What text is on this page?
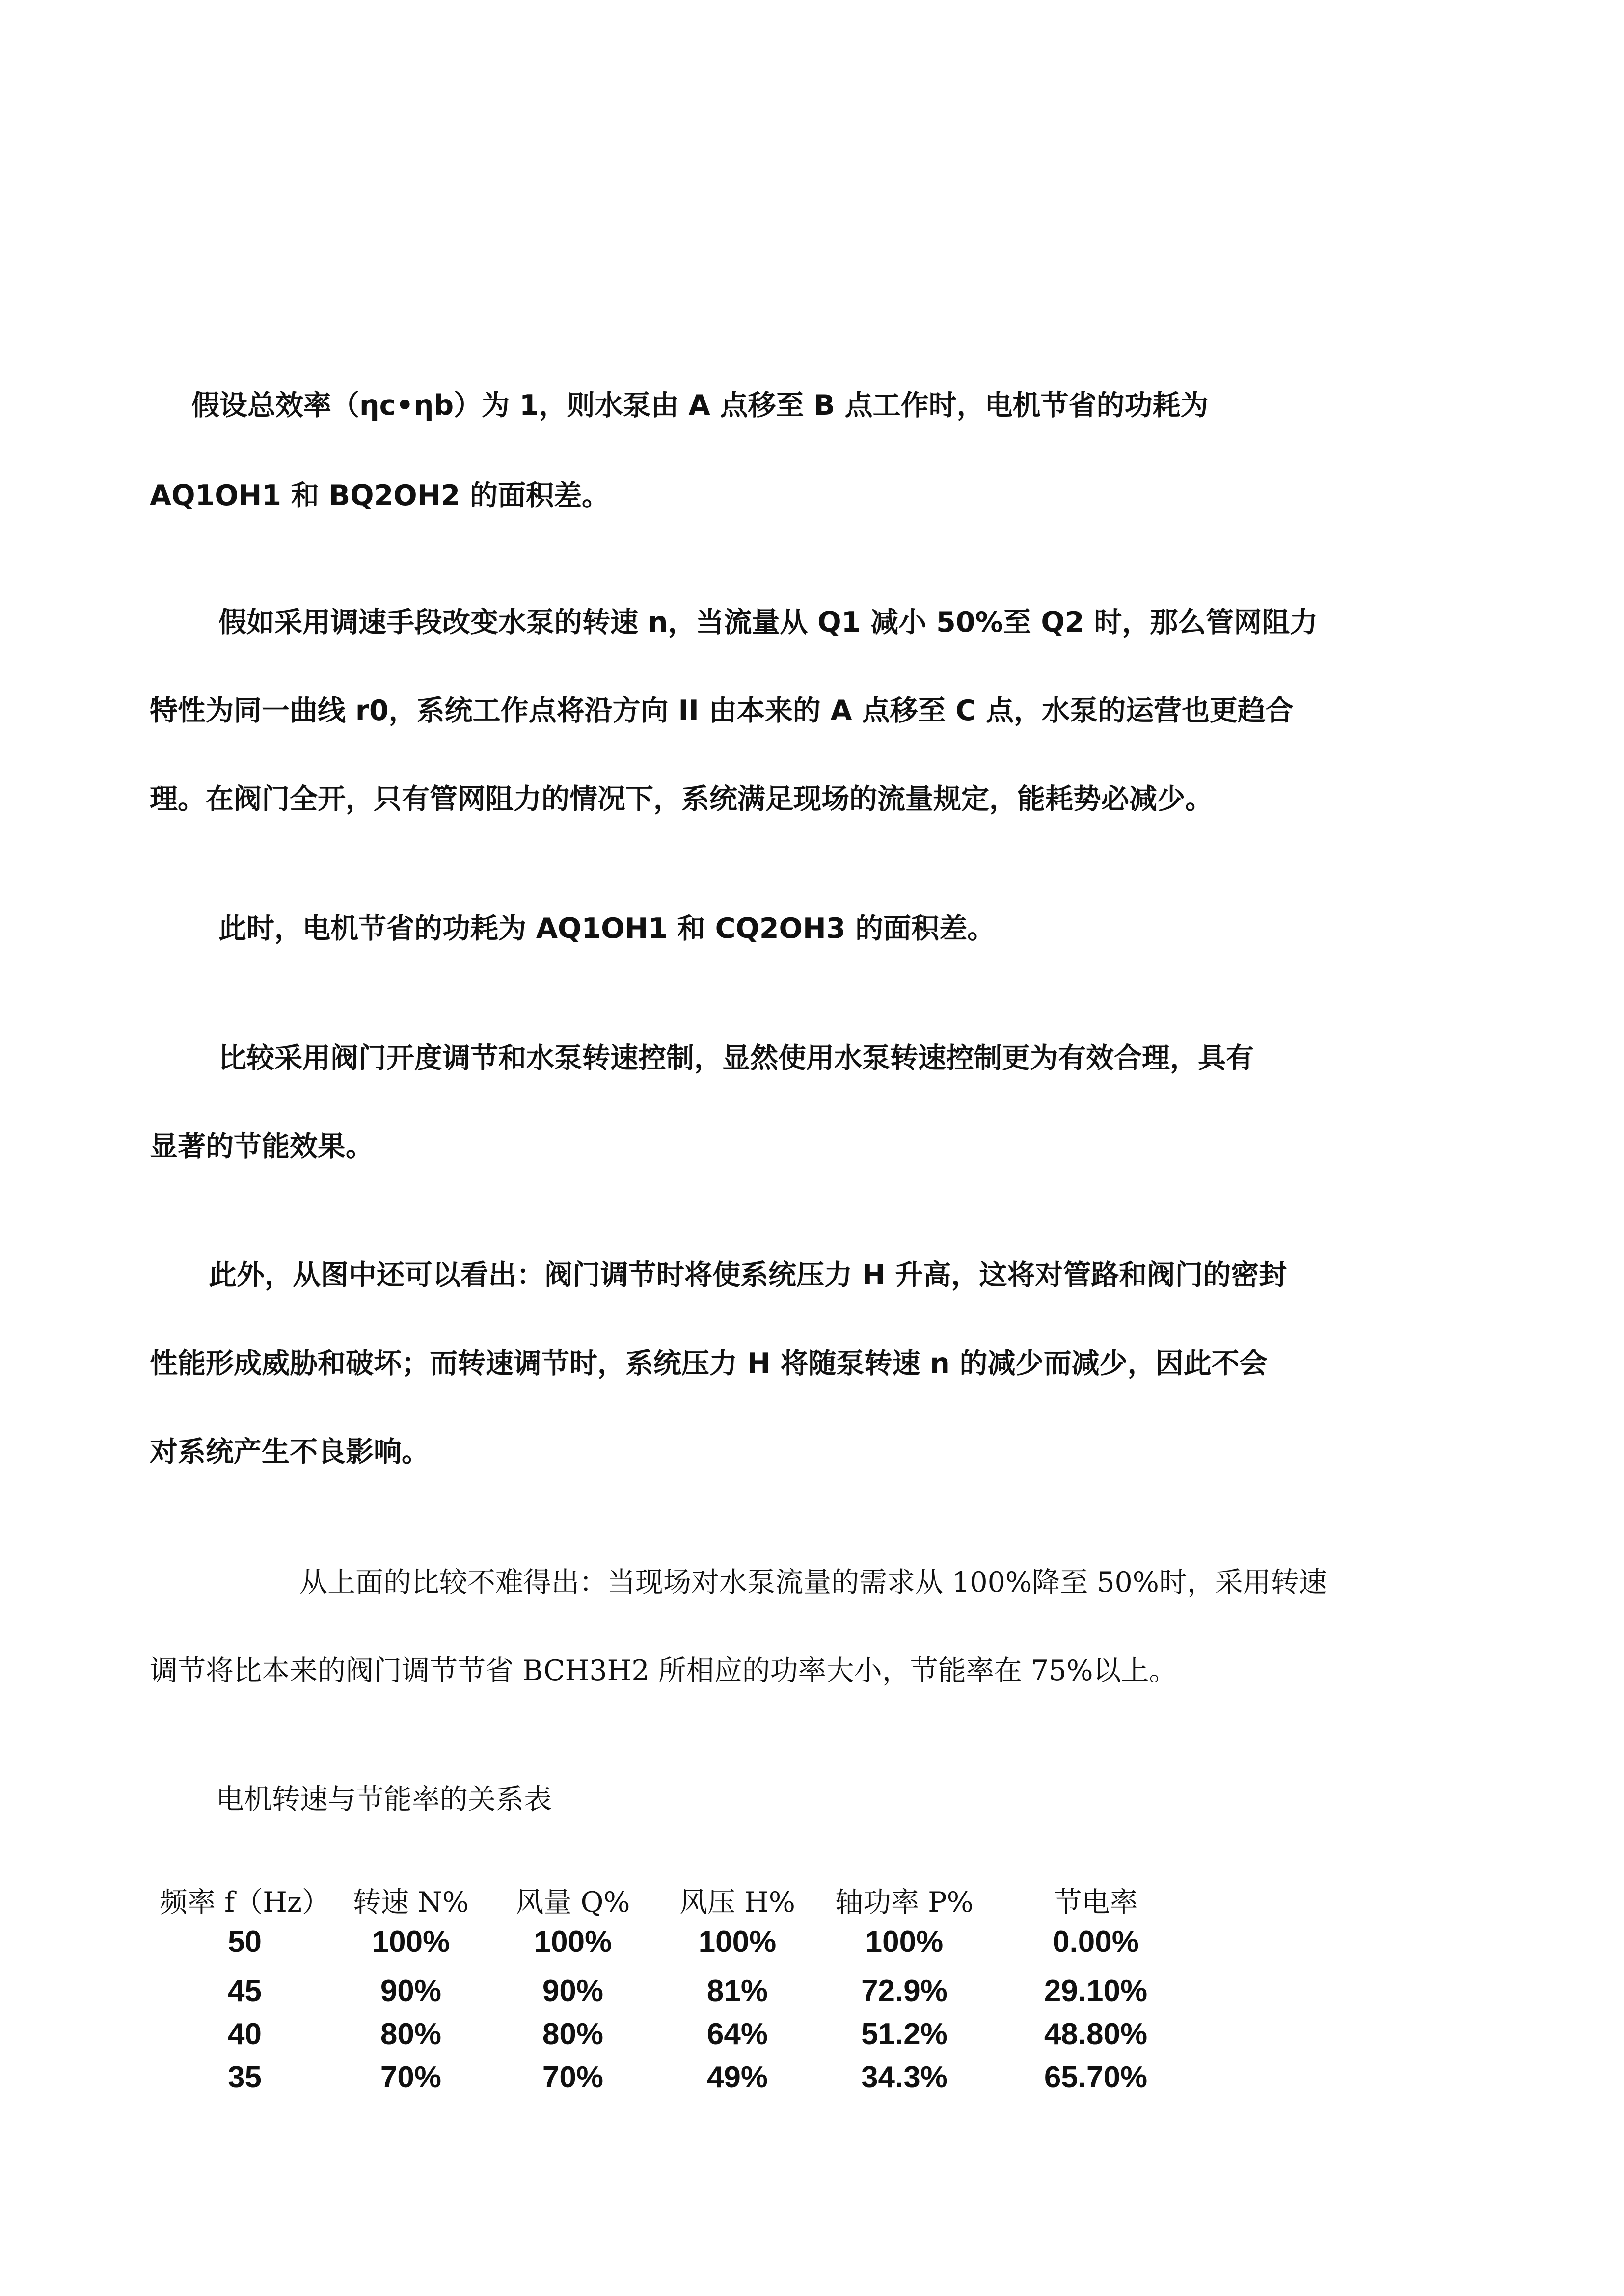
假设总效率（ηc•ηb）为 1，则水泵由 A 点移至 B 点工作时，电机节省的功耗为

AQ1OH1 和 BQ2OH2 的面积差。

假如采用调速手段改变水泵的转速 n，当流量从 Q1 减小 50%至 Q2 时，那么管网阻力

特性为同一曲线 r0，系统工作点将沿方向 II 由本来的 A 点移至 C 点，水泵的运营也更趋合

理。在阀门全开，只有管网阻力的情况下，系统满足现场的流量规定，能耗势必减少。

此时，电机节省的功耗为 AQ1OH1 和 CQ2OH3 的面积差。

比较采用阀门开度调节和水泵转速控制，显然使用水泵转速控制更为有效合理，具有

显著的节能效果。

此外，从图中还可以看出：阀门调节时将使系统压力 H 升高，这将对管路和阀门的密封

性能形成威胁和破坏；而转速调节时，系统压力 H 将随泵转速 n 的减少而减少，因此不会

对系统产生不良影响。

从上面的比较不难得出：当现场对水泵流量的需求从 100%降至 50%时，采用转速

调节将比本来的阀门调节节省 BCH3H2 所相应的功率大小，节能率在 75%以上。

电机转速与节能率的关系表

频率 f（Hz）	转速 N%	风量 Q%	风压 H%	轴功率 P%	节电率
50	100%	100%	100%	100%	0.00%
45	90%	90%	81%	72.9%	29.10%
40	80%	80%	64%	51.2%	48.80%
35	70%	70%	49%	34.3%	65.70%
